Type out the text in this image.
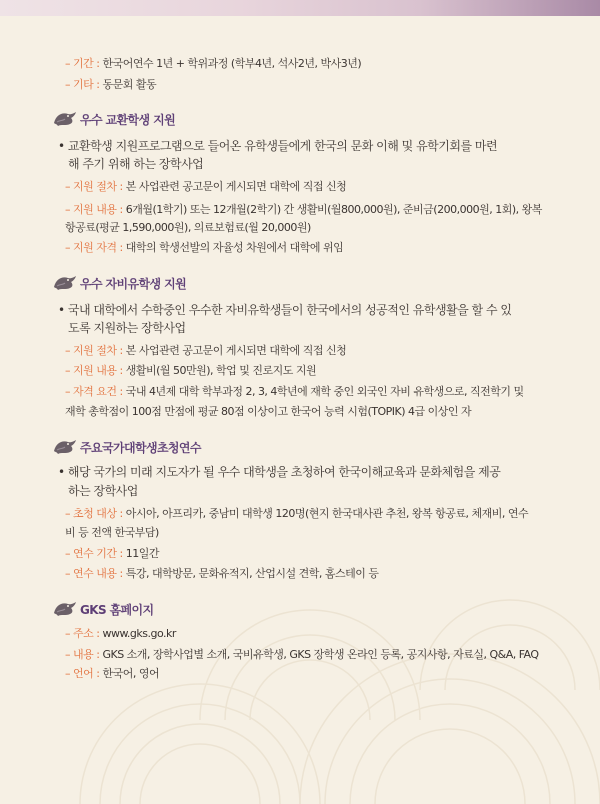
– 기간 : 한국어연수 1년 + 학위과정 (학부4년, 석사2년, 박사3년)
– 기타 : 동문회 활동
우수 교환학생 지원
• 교환학생 지원프로그램으로 들어온 유학생들에게 한국의 문화 이해 및 유학기회를 마련
해 주기 위해 하는 장학사업
– 지원 절차 : 본 사업관련 공고문이 게시되면 대학에 직접 신청
– 지원 내용 : 6개월(1학기) 또는 12개월(2학기) 간 생활비(월800,000원), 준비금(200,000원, 1회), 왕복
항공료(평균 1,590,000원), 의료보험료(월 20,000원)
– 지원 자격 : 대학의 학생선발의 자율성 차원에서 대학에 위임
우수 자비유학생 지원
• 국내 대학에서 수학중인 우수한 자비유학생들이 한국에서의 성공적인 유학생활을 할 수 있
도록 지원하는 장학사업
– 지원 절차 : 본 사업관련 공고문이 게시되면 대학에 직접 신청
– 지원 내용 : 생활비(월 50만원), 학업 및 진로지도 지원
– 자격 요건 : 국내 4년제 대학 학부과정 2, 3, 4학년에 재학 중인 외국인 자비 유학생으로, 직전학기 및
재학 총학점이 100점 만점에 평균 80점 이상이고 한국어 능력 시험(TOPIK) 4급 이상인 자
주요국가대학생초청연수
• 해당 국가의 미래 지도자가 될 우수 대학생을 초청하여 한국이해교육과 문화체험을 제공
하는 장학사업
– 초청 대상 : 아시아, 아프리카, 중남미 대학생 120명(현지 한국대사관 추천, 왕복 항공료, 체재비, 연수
비 등 전액 한국부담)
– 연수 기간 : 11일간
– 연수 내용 : 특강, 대학방문, 문화유적지, 산업시설 견학, 홈스테이 등
GKS 홈페이지
– 주소 : www.gks.go.kr
– 내용 : GKS 소개, 장학사업별 소개, 국비유학생, GKS 장학생 온라인 등록, 공지사항, 자료실, Q&A, FAQ
– 언어 : 한국어, 영어
